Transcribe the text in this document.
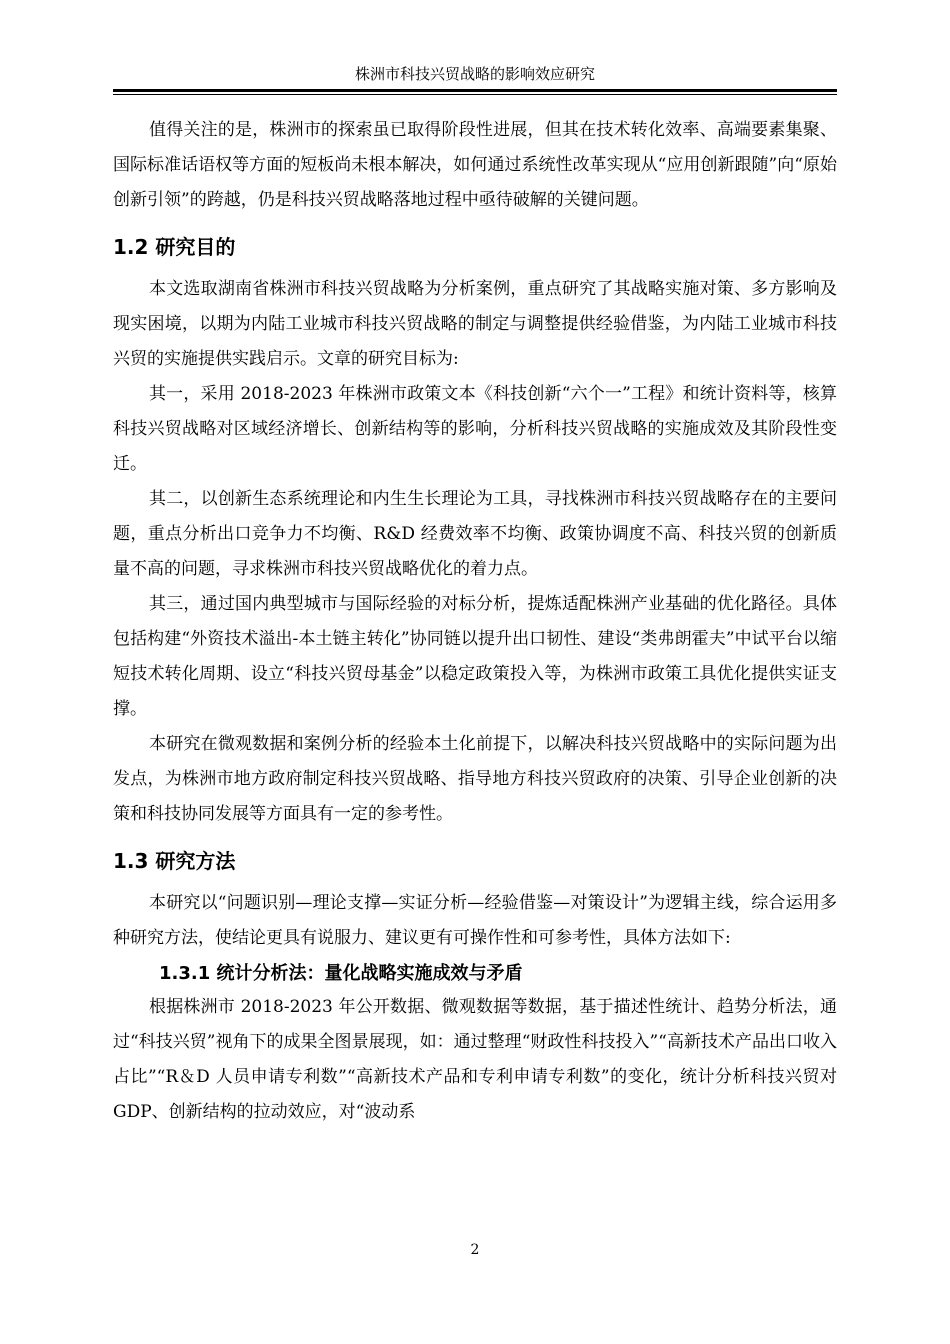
株洲市科技兴贸战略的影响效应研究

值得关注的是，株洲市的探索虽已取得阶段性进展，但其在技术转化效率、高端要素集聚、国际标准话语权等方面的短板尚未根本解决，如何通过系统性改革实现从“应用创新跟随”向“原始创新引领”的跨越，仍是科技兴贸战略落地过程中亟待破解的关键问题。

1.2 研究目的

本文选取湖南省株洲市科技兴贸战略为分析案例，重点研究了其战略实施对策、多方影响及现实困境，以期为内陆工业城市科技兴贸战略的制定与调整提供经验借鉴，为内陆工业城市科技兴贸的实施提供实践启示。文章的研究目标为:

其一，采用 2018-2023 年株洲市政策文本《科技创新“六个一”工程》和统计资料等，核算科技兴贸战略对区域经济增长、创新结构等的影响，分析科技兴贸战略的实施成效及其阶段性变迁。

其二，以创新生态系统理论和内生生长理论为工具，寻找株洲市科技兴贸战略存在的主要问题，重点分析出口竞争力不均衡、R&D 经费效率不均衡、政策协调度不高、科技兴贸的创新质量不高的问题，寻求株洲市科技兴贸战略优化的着力点。

其三，通过国内典型城市与国际经验的对标分析，提炼适配株洲产业基础的优化路径。具体包括构建“外资技术溢出-本土链主转化”协同链以提升出口韧性、建设“类弗朗霍夫”中试平台以缩短技术转化周期、设立“科技兴贸母基金”以稳定政策投入等，为株洲市政策工具优化提供实证支撑。

本研究在微观数据和案例分析的经验本土化前提下，以解决科技兴贸战略中的实际问题为出发点，为株洲市地方政府制定科技兴贸战略、指导地方科技兴贸政府的决策、引导企业创新的决策和科技协同发展等方面具有一定的参考性。

1.3 研究方法

本研究以“问题识别—理论支撑—实证分析—经验借鉴—对策设计”为逻辑主线，综合运用多种研究方法，使结论更具有说服力、建议更有可操作性和可参考性，具体方法如下:

1.3.1 统计分析法：量化战略实施成效与矛盾

根据株洲市 2018-2023 年公开数据、微观数据等数据，基于描述性统计、趋势分析法，通过“科技兴贸”视角下的成果全图景展现，如：通过整理“财政性科技投入”“高新技术产品出口收入占比”“R＆D 人员申请专利数”“高新技术产品和专利申请专利数”的变化，统计分析科技兴贸对 GDP、创新结构的拉动效应，对“波动系

2
